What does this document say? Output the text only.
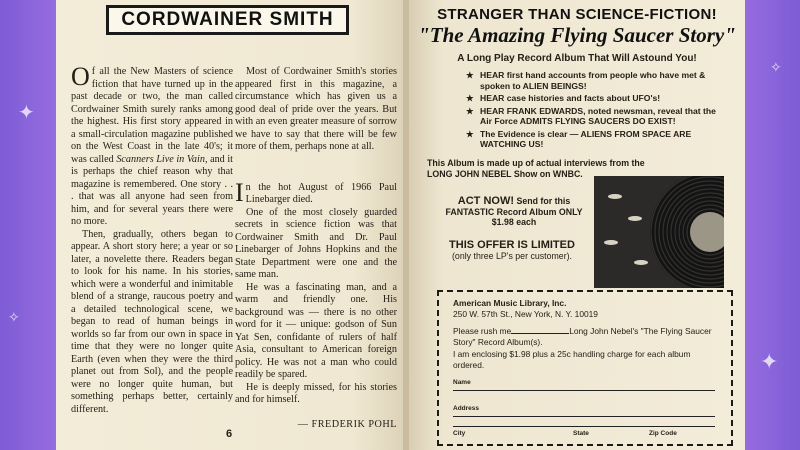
✦
✧
✦
✧
CORDWAINER SMITH

Of all the New Masters of science fiction that have turned up in the past decade or two, the man called Cordwainer Smith surely ranks among the highest. His first story appeared in a small-circulation magazine published on the West Coast in the late 40's; it was called Scanners Live in Vain, and it is perhaps the chief reason why that magazine is remembered. One story . . . that was all anyone had seen from him, and for several years there were no more.

Then, gradually, others began to appear. A short story here; a year or so later, a novelette there. Readers began to look for his name. In his stories, which were a wonderful and inimitable blend of a strange, raucous poetry and a detailed technological scene, we began to read of human beings in worlds so far from our own in space in time that they were no longer quite Earth (even when they were the third planet out from Sol), and the people were no longer quite human, but something perhaps better, certainly different.

Most of Cordwainer Smith's stories appeared first in this magazine, a circumstance which has given us a good deal of pride over the years. But with an even greater measure of sorrow we have to say that there will be few more of them, perhaps none at all.

In the hot August of 1966 Paul Linebarger died.

One of the most closely guarded secrets in science fiction was that Cordwainer Smith and Dr. Paul Linebarger of Johns Hopkins and the State Department were one and the same man.

He was a fascinating man, and a warm and friendly one. His background was — there is no other word for it — unique: godson of Sun Yat Sen, confidante of rulers of half Asia, consultant to American foreign policy. He was not a man who could readily be spared.

He is deeply missed, for his stories and for himself.

— FREDERIK POHL
6
STRANGER THAN SCIENCE-FICTION!
"The Amazing Flying Saucer Story"
A Long Play Record Album That Will Astound You!
★ HEAR first hand accounts from people who have met & spoken to ALIEN BEINGS!
★ HEAR case histories and facts about UFO's!
★ HEAR FRANK EDWARDS, noted newsman, reveal that the Air Force ADMITS FLYING SAUCERS DO EXIST!
★ The Evidence is clear — ALIENS FROM SPACE ARE WATCHING US!
This Album is made up of actual interviews from the LONG JOHN NEBEL Show on WNBC.
ACT NOW! Send for this FANTASTIC Record Album ONLY $1.98 each
THIS OFFER IS LIMITED
(only three LP's per customer).
American Music Library, Inc.
250 W. 57th St., New York, N. Y. 10019
Please rush me	Long John Nebel's "The Flying Saucer Story" Record Album(s).
I am enclosing $1.98 plus a 25c handling charge for each album ordered.
Name
Address
City	State	Zip Code
